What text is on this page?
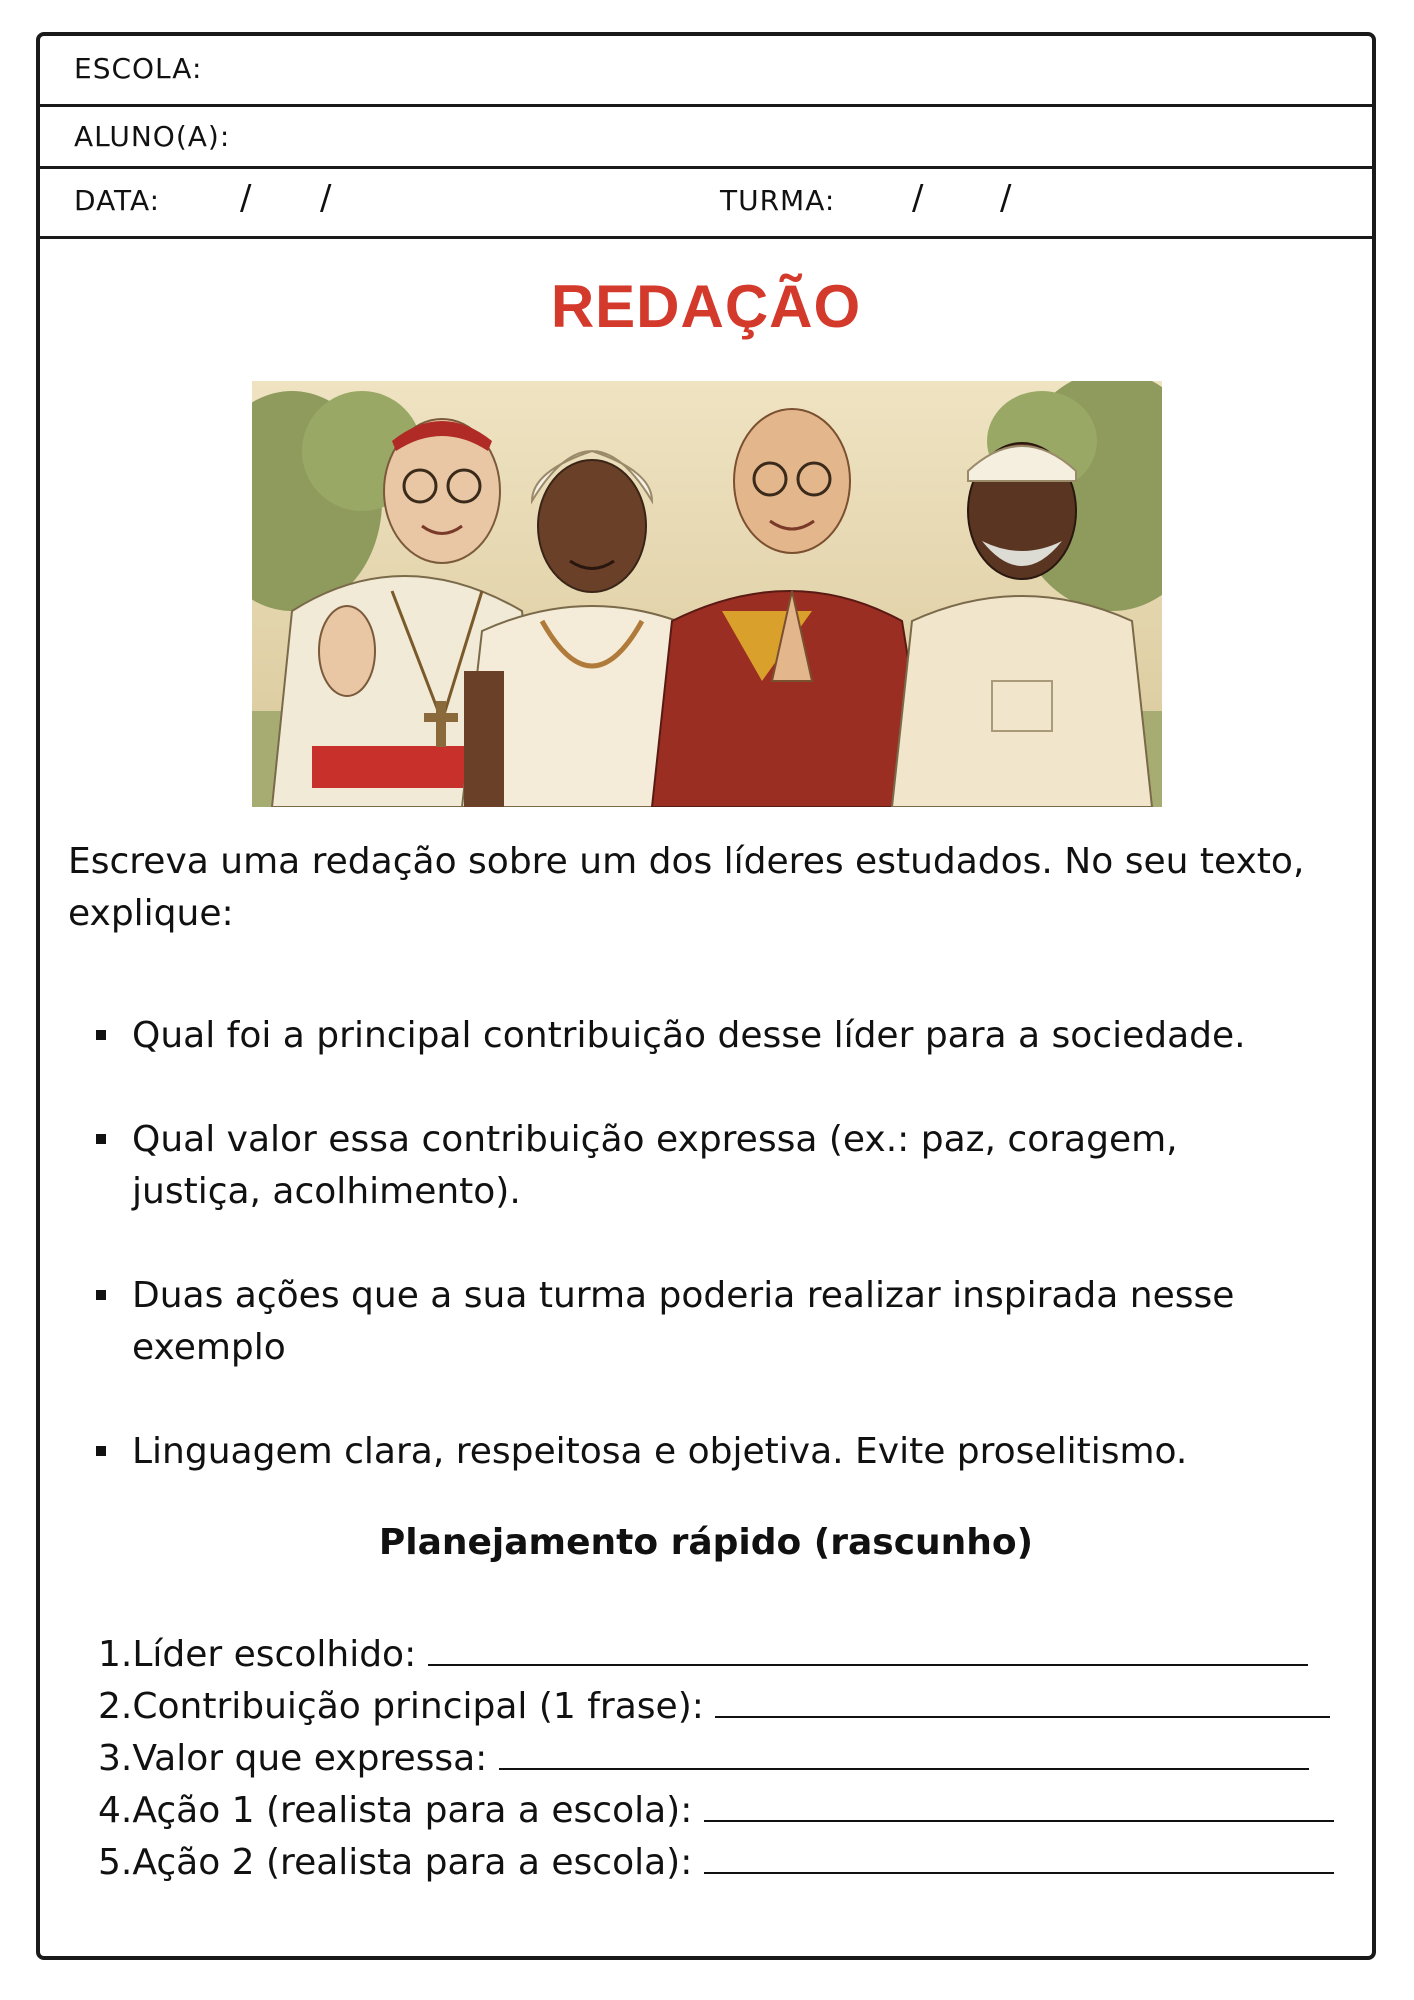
ESCOLA:
ALUNO(A):
DATA: / /	TURMA: / /
REDAÇÃO
Escreva uma redação sobre um dos líderes estudados. No seu texto, explique:
Qual foi a principal contribuição desse líder para a sociedade.
Qual valor essa contribuição expressa (ex.: paz, coragem, justiça, acolhimento).
Duas ações que a sua turma poderia realizar inspirada nesse exemplo
Linguagem clara, respeitosa e objetiva. Evite proselitismo.
Planejamento rápido (rascunho)
1.Líder escolhido:
2.Contribuição principal (1 frase):
3.Valor que expressa:
4.Ação 1 (realista para a escola):
5.Ação 2 (realista para a escola):
